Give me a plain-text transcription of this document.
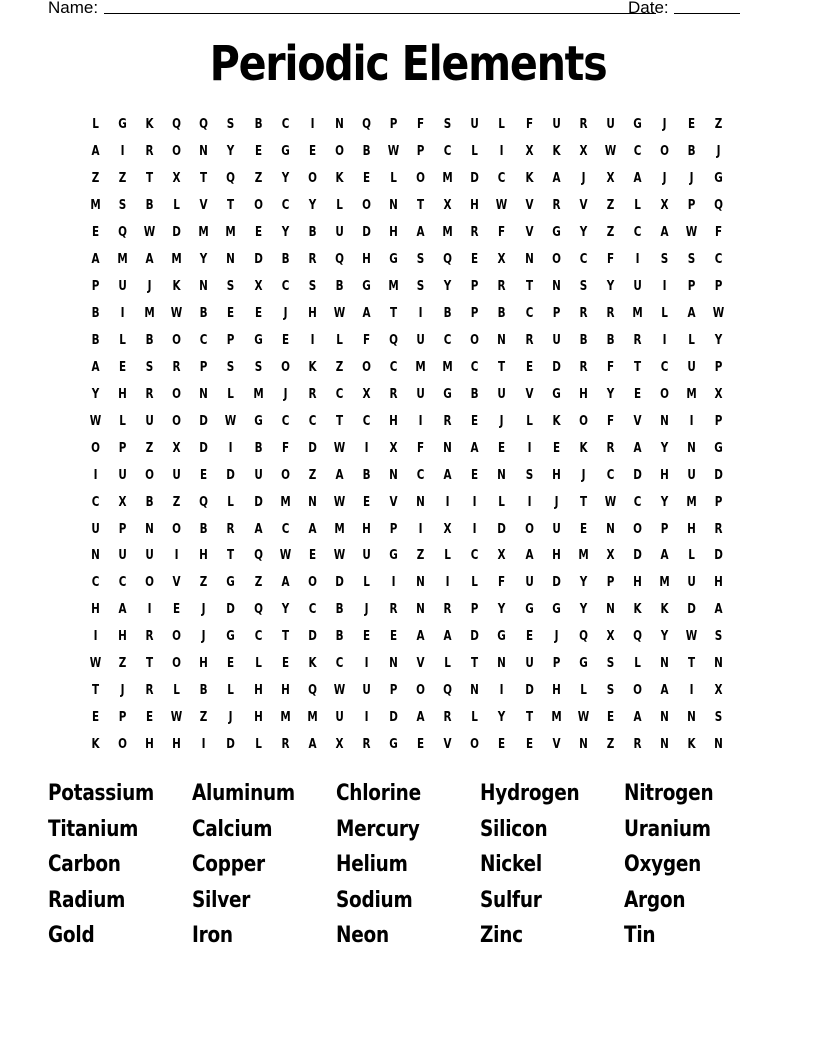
Name:	Date:
Periodic Elements
L	G	K	Q	Q	S	B	C	I	N	Q	P	F	S	U	L	F	U	R	U	G	J	E	Z
A	I	R	O	N	Y	E	G	E	O	B	W	P	C	L	I	X	K	X	W	C	O	B	J
Z	Z	T	X	T	Q	Z	Y	O	K	E	L	O	M	D	C	K	A	J	X	A	J	J	G
M	S	B	L	V	T	O	C	Y	L	O	N	T	X	H	W	V	R	V	Z	L	X	P	Q
E	Q	W	D	M	M	E	Y	B	U	D	H	A	M	R	F	V	G	Y	Z	C	A	W	F
A	M	A	M	Y	N	D	B	R	Q	H	G	S	Q	E	X	N	O	C	F	I	S	S	C
P	U	J	K	N	S	X	C	S	B	G	M	S	Y	P	R	T	N	S	Y	U	I	P	P
B	I	M	W	B	E	E	J	H	W	A	T	I	B	P	B	C	P	R	R	M	L	A	W
B	L	B	O	C	P	G	E	I	L	F	Q	U	C	O	N	R	U	B	B	R	I	L	Y
A	E	S	R	P	S	S	O	K	Z	O	C	M	M	C	T	E	D	R	F	T	C	U	P
Y	H	R	O	N	L	M	J	R	C	X	R	U	G	B	U	V	G	H	Y	E	O	M	X
W	L	U	O	D	W	G	C	C	T	C	H	I	R	E	J	L	K	O	F	V	N	I	P
O	P	Z	X	D	I	B	F	D	W	I	X	F	N	A	E	I	E	K	R	A	Y	N	G
I	U	O	U	E	D	U	O	Z	A	B	N	C	A	E	N	S	H	J	C	D	H	U	D
C	X	B	Z	Q	L	D	M	N	W	E	V	N	I	I	L	I	J	T	W	C	Y	M	P
U	P	N	O	B	R	A	C	A	M	H	P	I	X	I	D	O	U	E	N	O	P	H	R
N	U	U	I	H	T	Q	W	E	W	U	G	Z	L	C	X	A	H	M	X	D	A	L	D
C	C	O	V	Z	G	Z	A	O	D	L	I	N	I	L	F	U	D	Y	P	H	M	U	H
H	A	I	E	J	D	Q	Y	C	B	J	R	N	R	P	Y	G	G	Y	N	K	K	D	A
I	H	R	O	J	G	C	T	D	B	E	E	A	A	D	G	E	J	Q	X	Q	Y	W	S
W	Z	T	O	H	E	L	E	K	C	I	N	V	L	T	N	U	P	G	S	L	N	T	N
T	J	R	L	B	L	H	H	Q	W	U	P	O	Q	N	I	D	H	L	S	O	A	I	X
E	P	E	W	Z	J	H	M	M	U	I	D	A	R	L	Y	T	M	W	E	A	N	N	S
K	O	H	H	I	D	L	R	A	X	R	G	E	V	O	E	E	V	N	Z	R	N	K	N
Potassium	Aluminum	Chlorine	Hydrogen	Nitrogen
Titanium	Calcium	Mercury	Silicon	Uranium
Carbon	Copper	Helium	Nickel	Oxygen
Radium	Silver	Sodium	Sulfur	Argon
Gold	Iron	Neon	Zinc	Tin
